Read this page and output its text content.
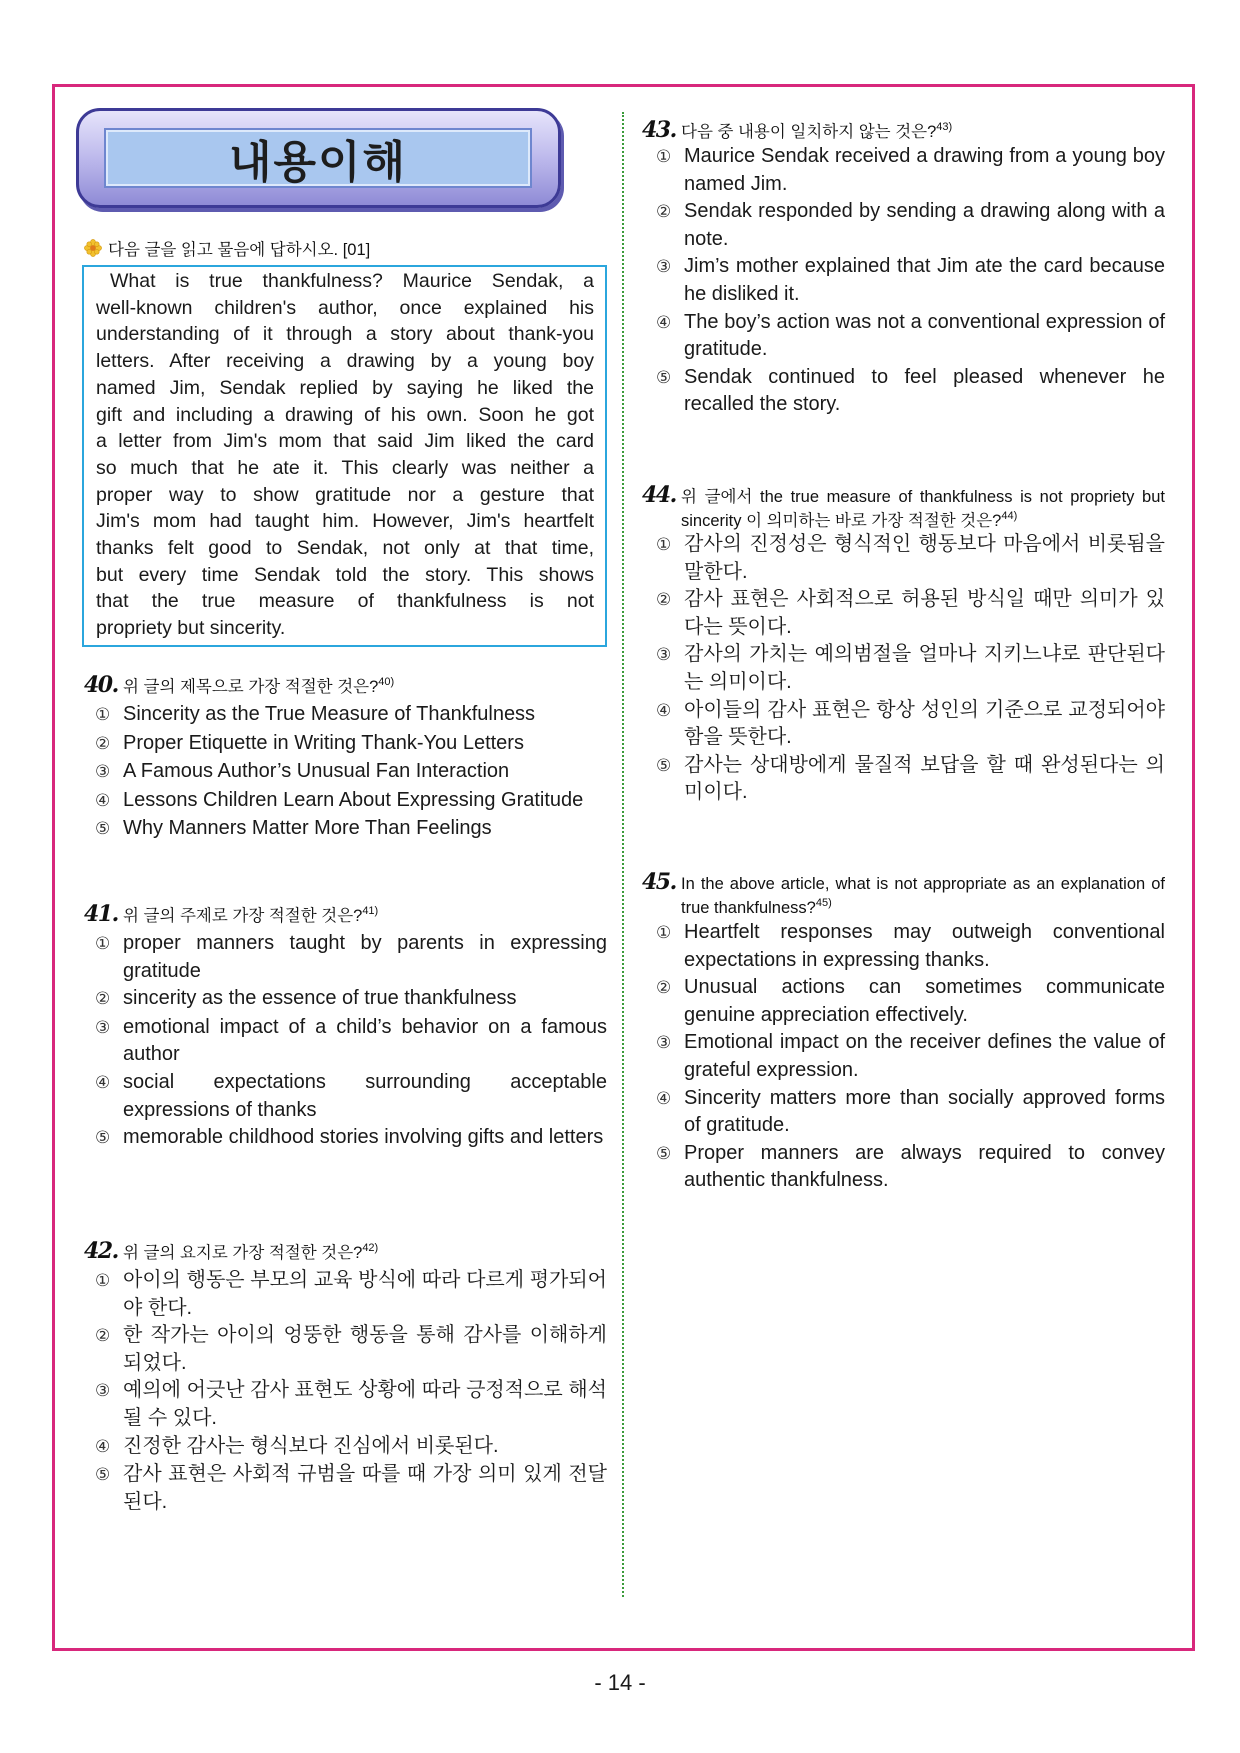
내용이해
다음 글을 읽고 물음에 답하시오. [01]
What is true thankfulness? Maurice Sendak, a
well-known children's author, once explained his
understanding of it through a story about thank-you
letters. After receiving a drawing by a young boy
named Jim, Sendak replied by saying he liked the
gift and including a drawing of his own. Soon he got
a letter from Jim's mom that said Jim liked the card
so much that he ate it. This clearly was neither a
proper way to show gratitude nor a gesture that
Jim's mom had taught him. However, Jim's heartfelt
thanks felt good to Sendak, not only at that time,
but every time Sendak told the story. This shows
that the true measure of thankfulness is not
propriety but sincerity.
40. 위 글의 제목으로 가장 적절한 것은?$^{40)}$
① Sincerity as the True Measure of Thankfulness
② Proper Etiquette in Writing Thank-You Letters
③ A Famous Author’s Unusual Fan Interaction
④ Lessons Children Learn About Expressing Gratitude
⑤ Why Manners Matter More Than Feelings
41. 위 글의 주제로 가장 적절한 것은?$^{41)}$
① proper manners taught by parents in expressing gratitude
② sincerity as the essence of true thankfulness
③ emotional impact of a child’s behavior on a famous author
④ social expectations surrounding acceptable expressions of thanks
⑤ memorable childhood stories involving gifts and letters
42. 위 글의 요지로 가장 적절한 것은?$^{42)}$
① 아이의 행동은 부모의 교육 방식에 따라 다르게 평가되어야 한다.
② 한 작가는 아이의 엉뚱한 행동을 통해 감사를 이해하게 되었다.
③ 예의에 어긋난 감사 표현도 상황에 따라 긍정적으로 해석될 수 있다.
④ 진정한 감사는 형식보다 진심에서 비롯된다.
⑤ 감사 표현은 사회적 규범을 따를 때 가장 의미 있게 전달된다.
43. 다음 중 내용이 일치하지 않는 것은?$^{43)}$
① Maurice Sendak received a drawing from a young boy named Jim.
② Sendak responded by sending a drawing along with a note.
③ Jim’s mother explained that Jim ate the card because he disliked it.
④ The boy’s action was not a conventional expression of gratitude.
⑤ Sendak continued to feel pleased whenever he recalled the story.
44. 위 글에서 the true measure of thankfulness is not propriety but sincerity 이 의미하는 바로 가장 적절한 것은?$^{44)}$
① 감사의 진정성은 형식적인 행동보다 마음에서 비롯됨을 말한다.
② 감사 표현은 사회적으로 허용된 방식일 때만 의미가 있다는 뜻이다.
③ 감사의 가치는 예의범절을 얼마나 지키느냐로 판단된다는 의미이다.
④ 아이들의 감사 표현은 항상 성인의 기준으로 교정되어야 함을 뜻한다.
⑤ 감사는 상대방에게 물질적 보답을 할 때 완성된다는 의미이다.
45. In the above article, what is not appropriate as an explanation of true thankfulness?$^{45)}$
① Heartfelt responses may outweigh conventional expectations in expressing thanks.
② Unusual actions can sometimes communicate genuine appreciation effectively.
③ Emotional impact on the receiver defines the value of grateful expression.
④ Sincerity matters more than socially approved forms of gratitude.
⑤ Proper manners are always required to convey authentic thankfulness.
- 14 -
